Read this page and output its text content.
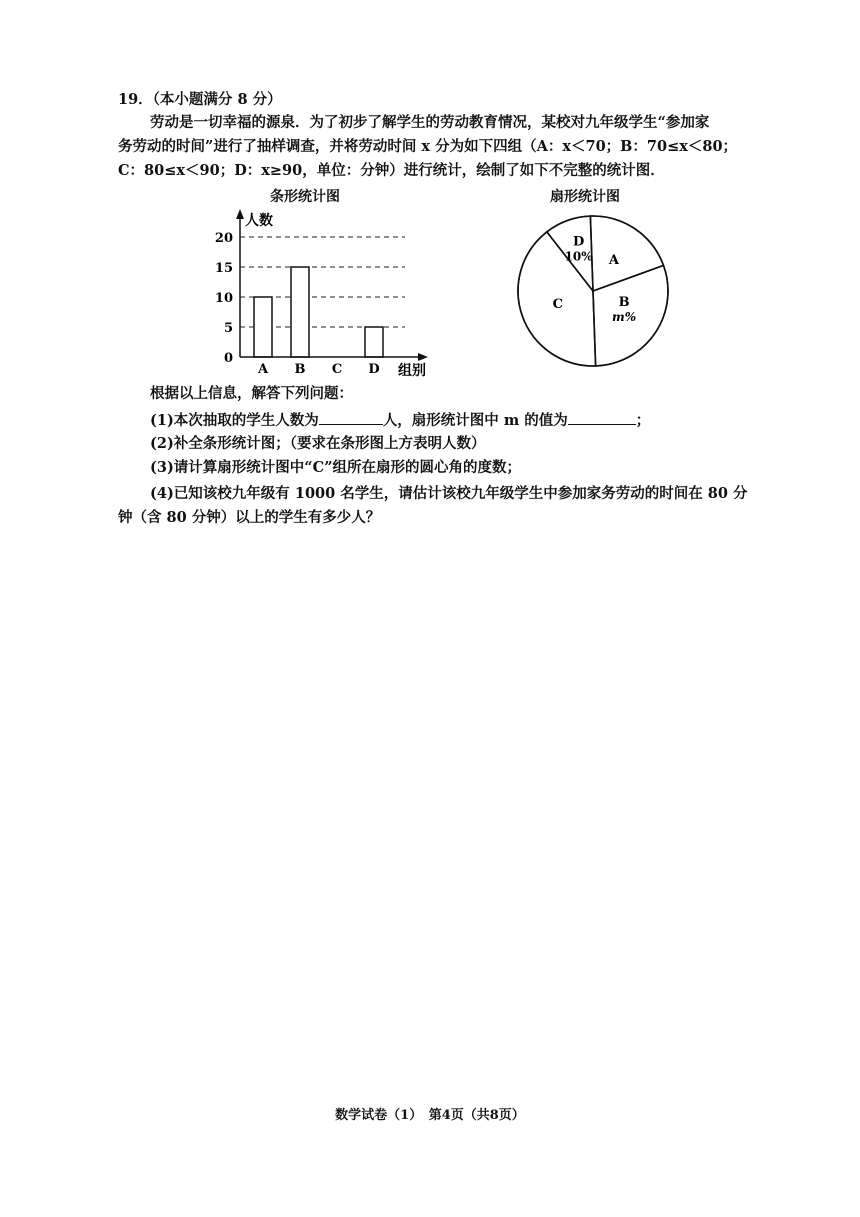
19．（本小题满分 8 分）
劳动是一切幸福的源泉．为了初步了解学生的劳动教育情况，某校对九年级学生“参加家
务劳动的时间”进行了抽样调查，并将劳动时间 x 分为如下四组（A：x＜70；B：70≤x＜80；
C：80≤x＜90；D：x≥90，单位：分钟）进行统计，绘制了如下不完整的统计图．
条形统计图	扇形统计图
0
5
10
15
20
A B C D
人数
组别
D
10% A
B
m%
C
根据以上信息，解答下列问题：
(1)本次抽取的学生人数为	人，扇形统计图中 m 的值为	；
(2)补全条形统计图；（要求在条形图上方表明人数）
(3)请计算扇形统计图中“C”组所在扇形的圆心角的度数；
(4)已知该校九年级有 1000 名学生，请估计该校九年级学生中参加家务劳动的时间在 80 分
钟（含 80 分钟）以上的学生有多少人？
数学试卷（1）　第4页（共8页）
